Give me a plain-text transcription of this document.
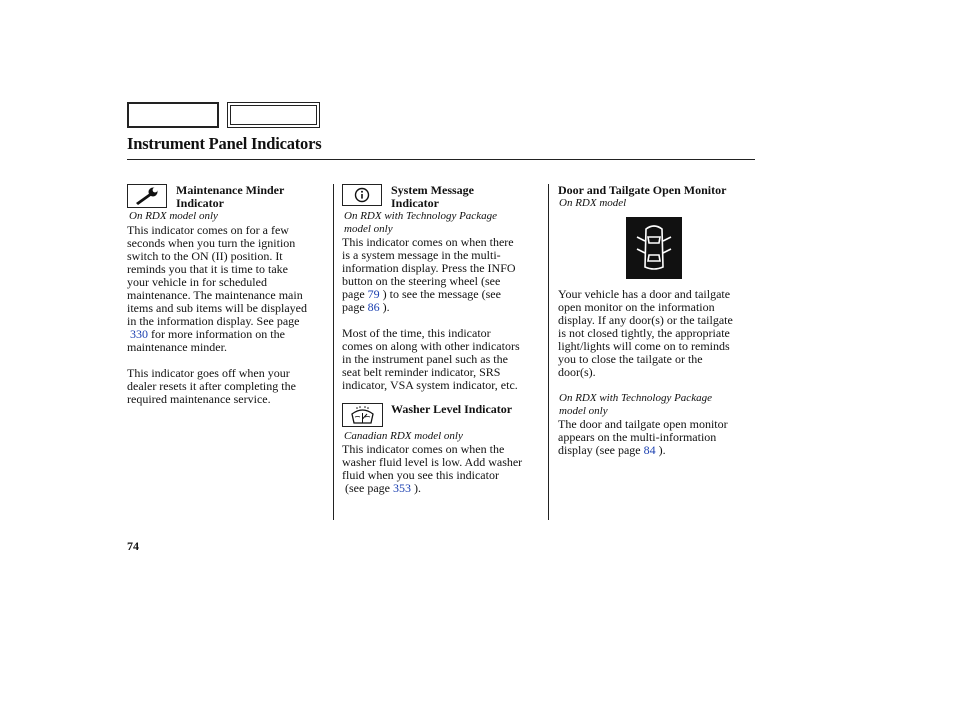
Instrument Panel Indicators

Maintenance Minder

Indicator

On RDX model only

This indicator comes on for a few

seconds when you turn the ignition

switch to the ON (II) position. It

reminds you that it is time to take

your vehicle in for scheduled

maintenance. The maintenance main

items and sub items will be displayed

in the information display. See page

330 for more information on the

maintenance minder.

This indicator goes off when your

dealer resets it after completing the

required maintenance service.

System Message

Indicator

On RDX with Technology Package

model only

This indicator comes on when there

is a system message in the multi-

information display. Press the INFO

button on the steering wheel (see

page 79 ) to see the message (see

page 86 ).

Most of the time, this indicator

comes on along with other indicators

in the instrument panel such as the

seat belt reminder indicator, SRS

indicator, VSA system indicator, etc.

Washer Level Indicator

Canadian RDX model only

This indicator comes on when the

washer fluid level is low. Add washer

fluid when you see this indicator

(see page 353 ).

Door and Tailgate Open Monitor

On RDX model

Your vehicle has a door and tailgate

open monitor on the information

display. If any door(s) or the tailgate

is not closed tightly, the appropriate

light/lights will come on to reminds

you to close the tailgate or the

door(s).

On RDX with Technology Package

model only

The door and tailgate open monitor

appears on the multi-information

display (see page 84 ).

74
